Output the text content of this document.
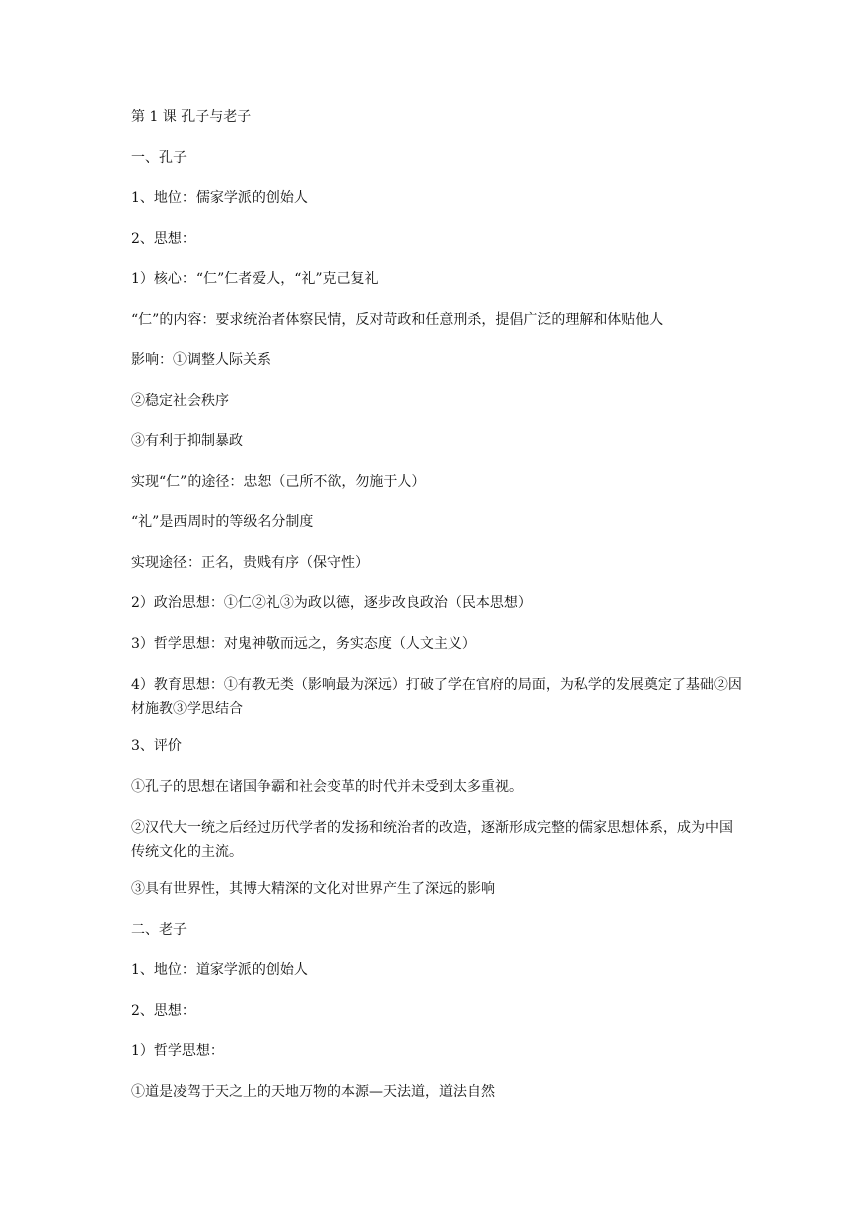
第 1 课 孔子与老子

一、孔子

1、地位：儒家学派的创始人

2、思想：

1）核心：“仁”仁者爱人，“礼”克己复礼

“仁”的内容：要求统治者体察民情，反对苛政和任意刑杀，提倡广泛的理解和体贴他人

影响：①调整人际关系

②稳定社会秩序

③有利于抑制暴政

实现“仁”的途径：忠恕（己所不欲，勿施于人）

“礼”是西周时的等级名分制度

实现途径：正名，贵贱有序（保守性）

2）政治思想：①仁②礼③为政以德，逐步改良政治（民本思想）

3）哲学思想：对鬼神敬而远之，务实态度（人文主义）

4）教育思想：①有教无类（影响最为深远）打破了学在官府的局面，为私学的发展奠定了基础②因材施教③学思结合

3、评价

①孔子的思想在诸国争霸和社会变革的时代并未受到太多重视。

②汉代大一统之后经过历代学者的发扬和统治者的改造，逐渐形成完整的儒家思想体系，成为中国传统文化的主流。

③具有世界性，其博大精深的文化对世界产生了深远的影响

二、老子

1、地位：道家学派的创始人

2、思想：

1）哲学思想：

①道是凌驾于天之上的天地万物的本源—天法道，道法自然
